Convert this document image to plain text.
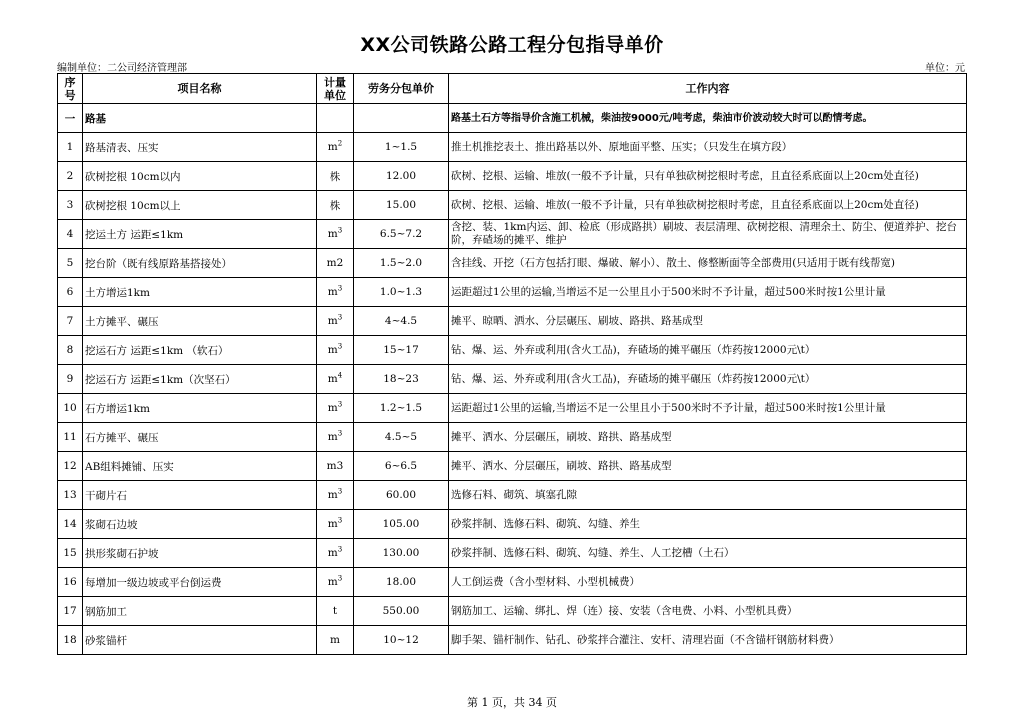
XX公司铁路公路工程分包指导单价
编制单位：二公司经济管理部	单位：元
序号	项目名称	计量单位	劳务分包单价	工作内容
一	路基			路基土石方等指导价含施工机械，柴油按9000元/吨考虑，柴油市价波动较大时可以酌情考虑。
1	路基清表、压实	$m^2$	1~1.5	推土机推挖表土、推出路基以外、原地面平整、压实；（只发生在填方段）
2	砍树挖根 10cm以内	株	12.00	砍树、挖根、运输、堆放(一般不予计量，只有单独砍树挖根时考虑，且直径系底面以上20cm处直径)
3	砍树挖根 10cm以上	株	15.00	砍树、挖根、运输、堆放(一般不予计量，只有单独砍树挖根时考虑，且直径系底面以上20cm处直径)
4	挖运土方 运距≤1km	$m^3$	6.5~7.2	含挖、装、1km内运、卸、检底（形成路拱）刷坡、表层清理、砍树挖根、清理余土、防尘、便道养护、挖台阶，弃碴场的摊平、维护
5	挖台阶（既有线原路基搭接处）	m2	1.5~2.0	含挂线、开挖（石方包括打眼、爆破、解小）、散土、修整断面等全部费用(只适用于既有线帮宽)
6	土方增运1km	$m^3$	1.0~1.3	运距超过1公里的运输,当增运不足一公里且小于500米时不予计量，超过500米时按1公里计量
7	土方摊平、碾压	$m^3$	4~4.5	摊平、晾晒、洒水、分层碾压、刷坡、路拱、路基成型
8	挖运石方 运距≤1km （软石）	$m^3$	15~17	钻、爆、运、外弃或利用(含火工品)，弃碴场的摊平碾压（炸药按12000元\t）
9	挖运石方 运距≤1km（次坚石）	$m^4$	18~23	钻、爆、运、外弃或利用(含火工品)，弃碴场的摊平碾压（炸药按12000元\t）
10	石方增运1km	$m^3$	1.2~1.5	运距超过1公里的运输,当增运不足一公里且小于500米时不予计量，超过500米时按1公里计量
11	石方摊平、碾压	$m^3$	4.5~5	摊平、洒水、分层碾压，刷坡、路拱、路基成型
12	AB组料摊铺、压实	m3	6~6.5	摊平、洒水、分层碾压，刷坡、路拱、路基成型
13	干砌片石	$m^3$	60.00	选修石料、砌筑、填塞孔隙
14	浆砌石边坡	$m^3$	105.00	砂浆拌制、选修石料、砌筑、勾缝、养生
15	拱形浆砌石护坡	$m^3$	130.00	砂浆拌制、选修石料、砌筑、勾缝、养生、人工挖槽（土石）
16	每增加一级边坡或平台倒运费	$m^3$	18.00	人工倒运费（含小型材料、小型机械费）
17	钢筋加工	t	550.00	钢筋加工、运输、绑扎、焊（连）接、安装（含电费、小料、小型机具费）
18	砂浆锚杆	m	10~12	脚手架、锚杆制作、钻孔、砂浆拌合灌注、安杆、清理岩面（不含锚杆钢筋材料费）
第 1 页，共 34 页
